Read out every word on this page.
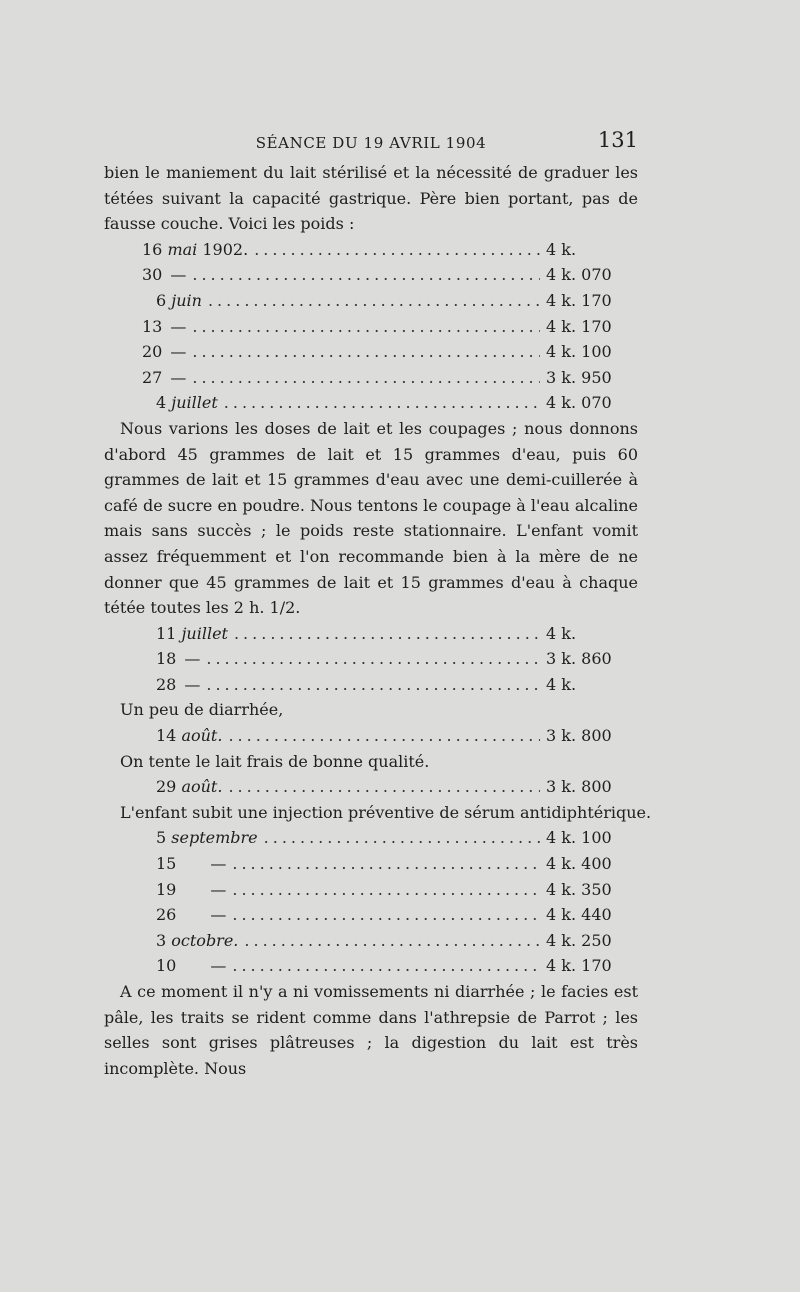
SÉANCE DU 19 AVRIL 1904	131

bien le maniement du lait stérilisé et la nécessité de graduer les tétées suivant la capacité gastrique. Père bien portant, pas de fausse couche. Voici les poids :

16 mai 1902. .....	4 k.
30 — .....	4 k. 070
6 juin .....	4 k. 170
13 — .....	4 k. 170
20 — .....	4 k. 100
27 — .....	3 k. 950
4 juillet .....	4 k. 070

Nous varions les doses de lait et les coupages ; nous donnons d'abord 45 grammes de lait et 15 grammes d'eau, puis 60 grammes de lait et 15 grammes d'eau avec une demi-cuillerée à café de sucre en poudre. Nous tentons le coupage à l'eau alcaline mais sans succès ; le poids reste stationnaire. L'enfant vomit assez fréquemment et l'on recommande bien à la mère de ne donner que 45 grammes de lait et 15 grammes d'eau à chaque tétée toutes les 2 h. 1/2.

11 juillet .....	4 k.
18 — .....	3 k. 860
28 — .....	4 k.
Un peu de diarrhée,
14 août. .....	3 k. 800
On tente le lait frais de bonne qualité.
29 août. .....	3 k. 800
L'enfant subit une injection préventive de sérum antidiphtérique.
5 septembre .....	4 k. 100
15 — .....	4 k. 400
19 — .....	4 k. 350
26 — .....	4 k. 440
3 octobre. .....	4 k. 250
10 — .....	4 k. 170

A ce moment il n'y a ni vomissements ni diarrhée ; le facies est pâle, les traits se rident comme dans l'athrepsie de Parrot ; les selles sont grises plâtreuses ; la digestion du lait est très incomplète. Nous
